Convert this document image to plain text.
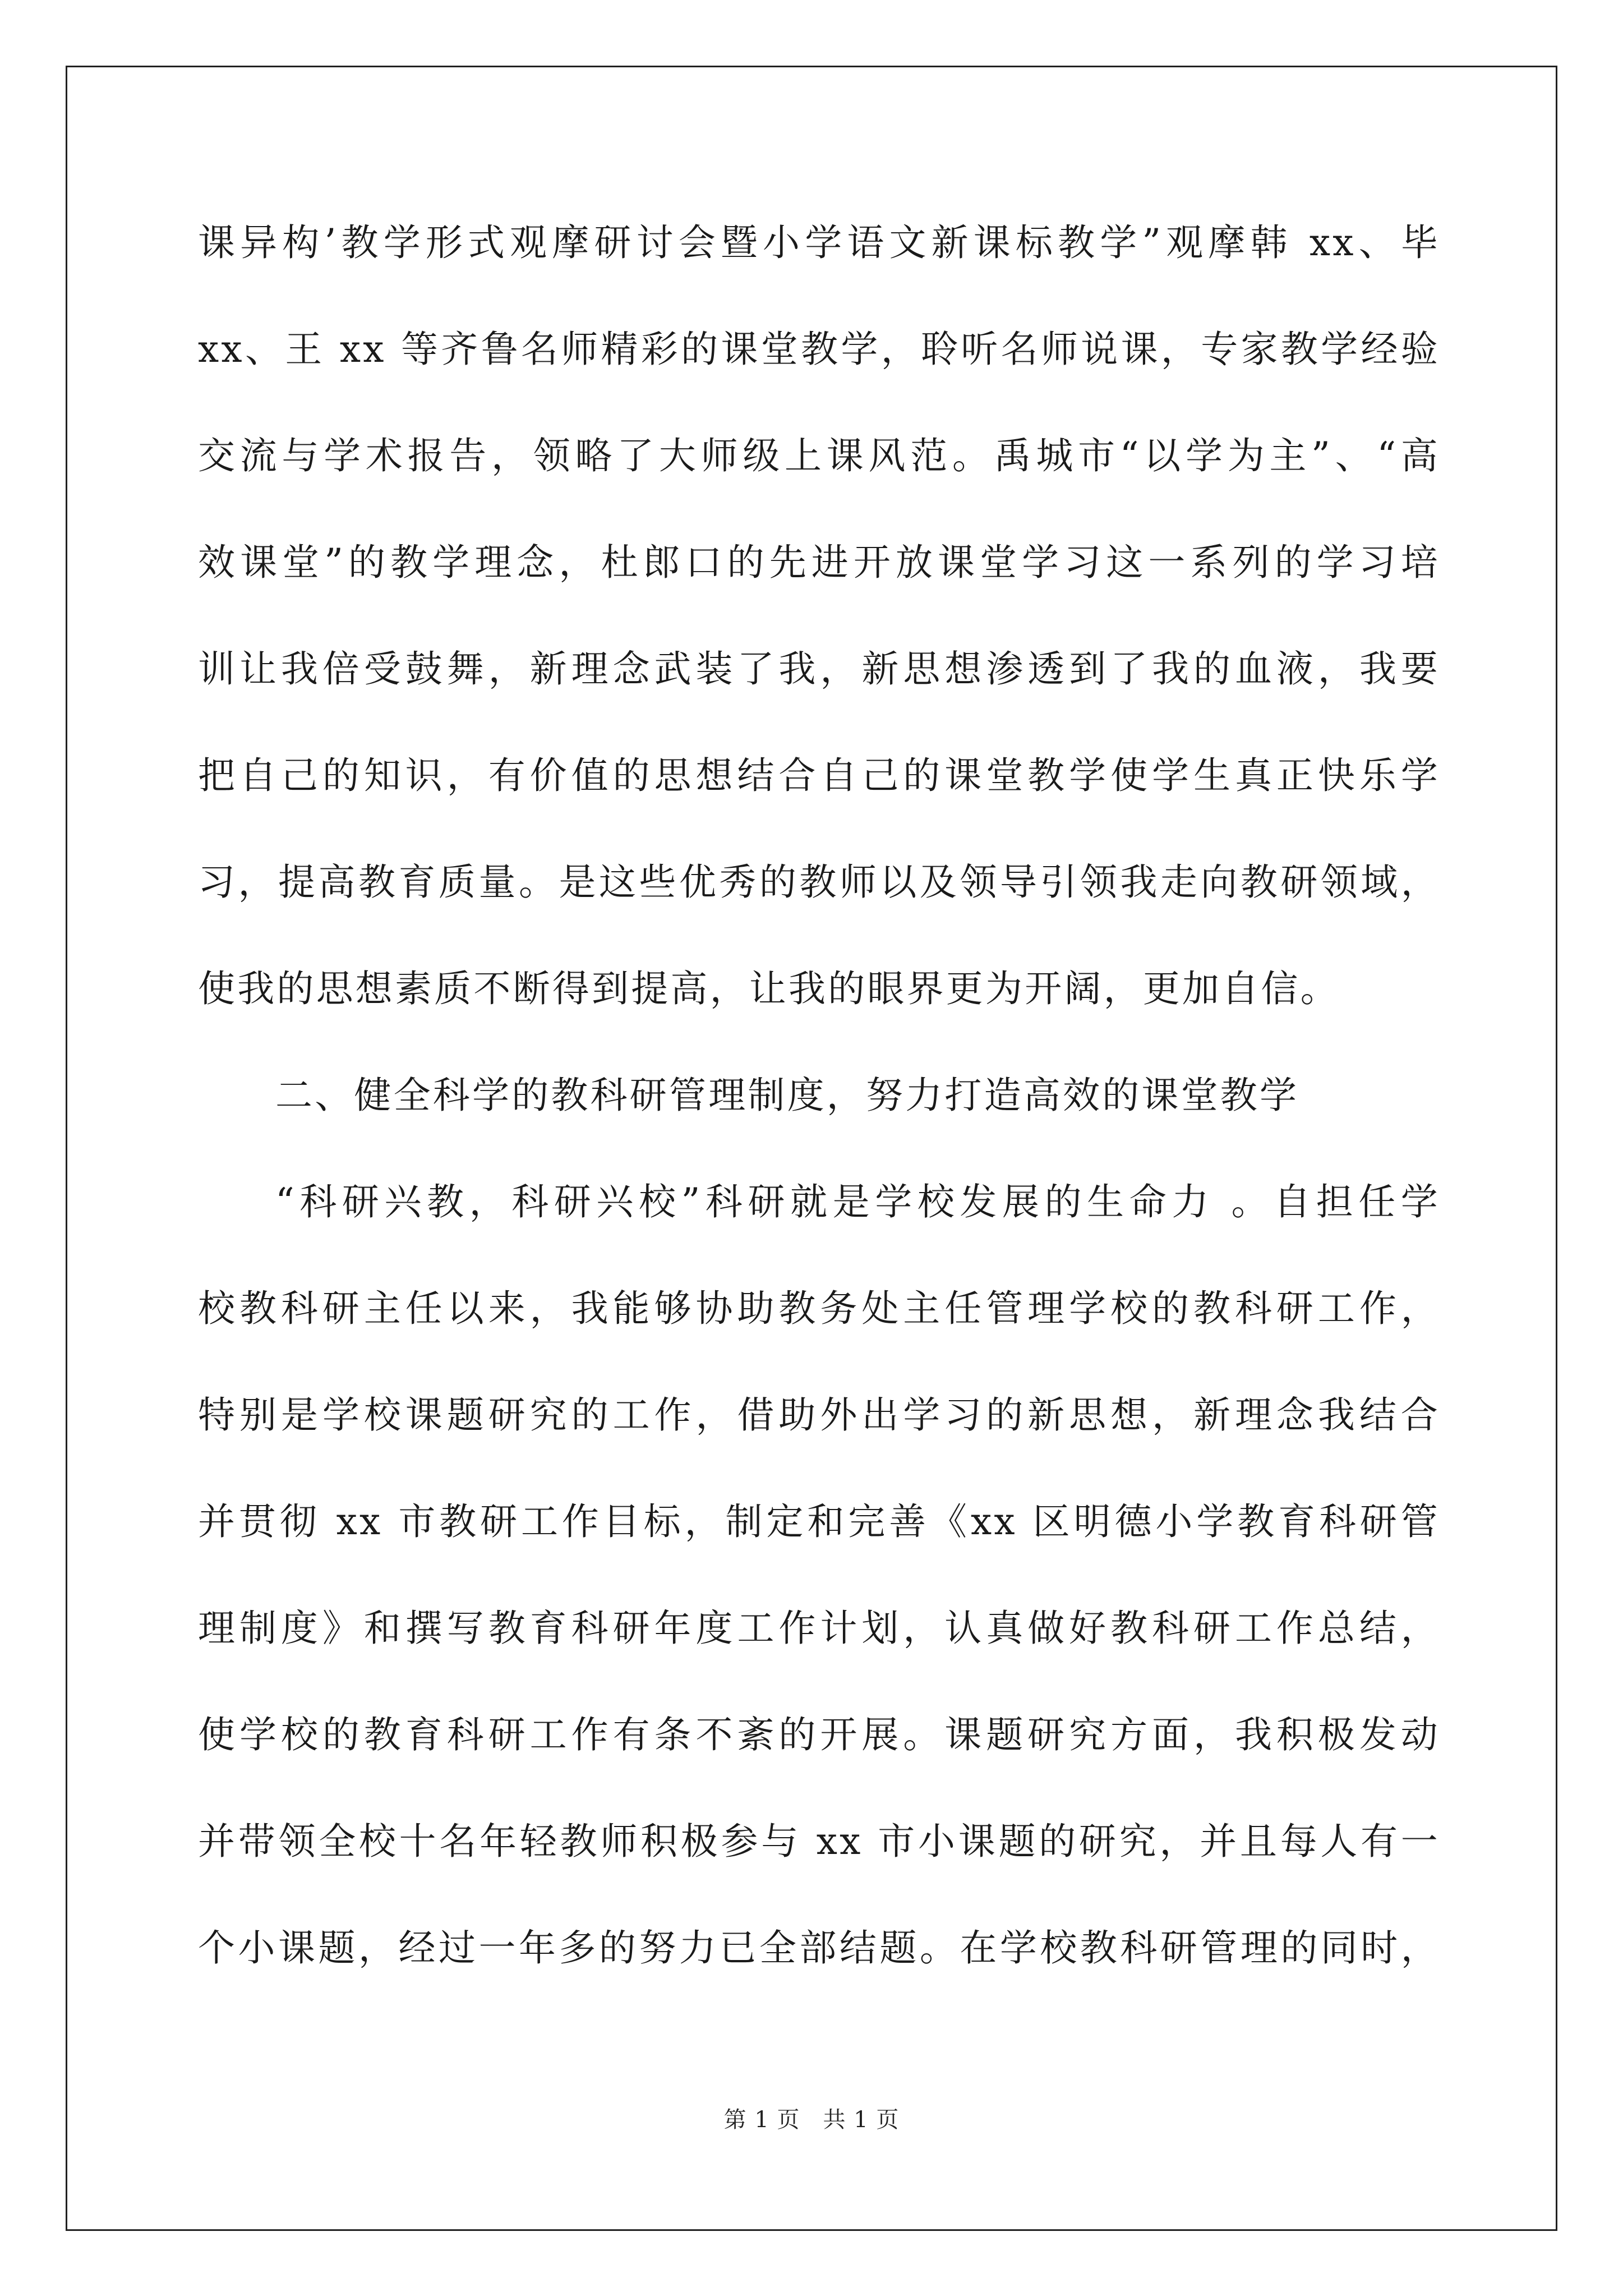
课异构’教学形式观摩研讨会暨小学语文新课标教学”观摩韩 xx、毕
xx、王 xx 等齐鲁名师精彩的课堂教学，聆听名师说课，专家教学经验
交流与学术报告，领略了大师级上课风范。禹城市“以学为主”、“高
效课堂”的教学理念，杜郎口的先进开放课堂学习这一系列的学习培
训让我倍受鼓舞，新理念武装了我，新思想渗透到了我的血液，我要
把自己的知识，有价值的思想结合自己的课堂教学使学生真正快乐学
习，提高教育质量。是这些优秀的教师以及领导引领我走向教研领域，
使我的思想素质不断得到提高，让我的眼界更为开阔，更加自信。
二、健全科学的教科研管理制度，努力打造高效的课堂教学
“科研兴教，科研兴校”科研就是学校发展的生命力 。自担任学
校教科研主任以来，我能够协助教务处主任管理学校的教科研工作，
特别是学校课题研究的工作，借助外出学习的新思想，新理念我结合
并贯彻 xx 市教研工作目标，制定和完善《xx 区明德小学教育科研管
理制度》和撰写教育科研年度工作计划，认真做好教科研工作总结，
使学校的教育科研工作有条不紊的开展。课题研究方面，我积极发动
并带领全校十名年轻教师积极参与 xx 市小课题的研究，并且每人有一
个小课题，经过一年多的努力已全部结题。在学校教科研管理的同时，
第 1 页　共 1 页
